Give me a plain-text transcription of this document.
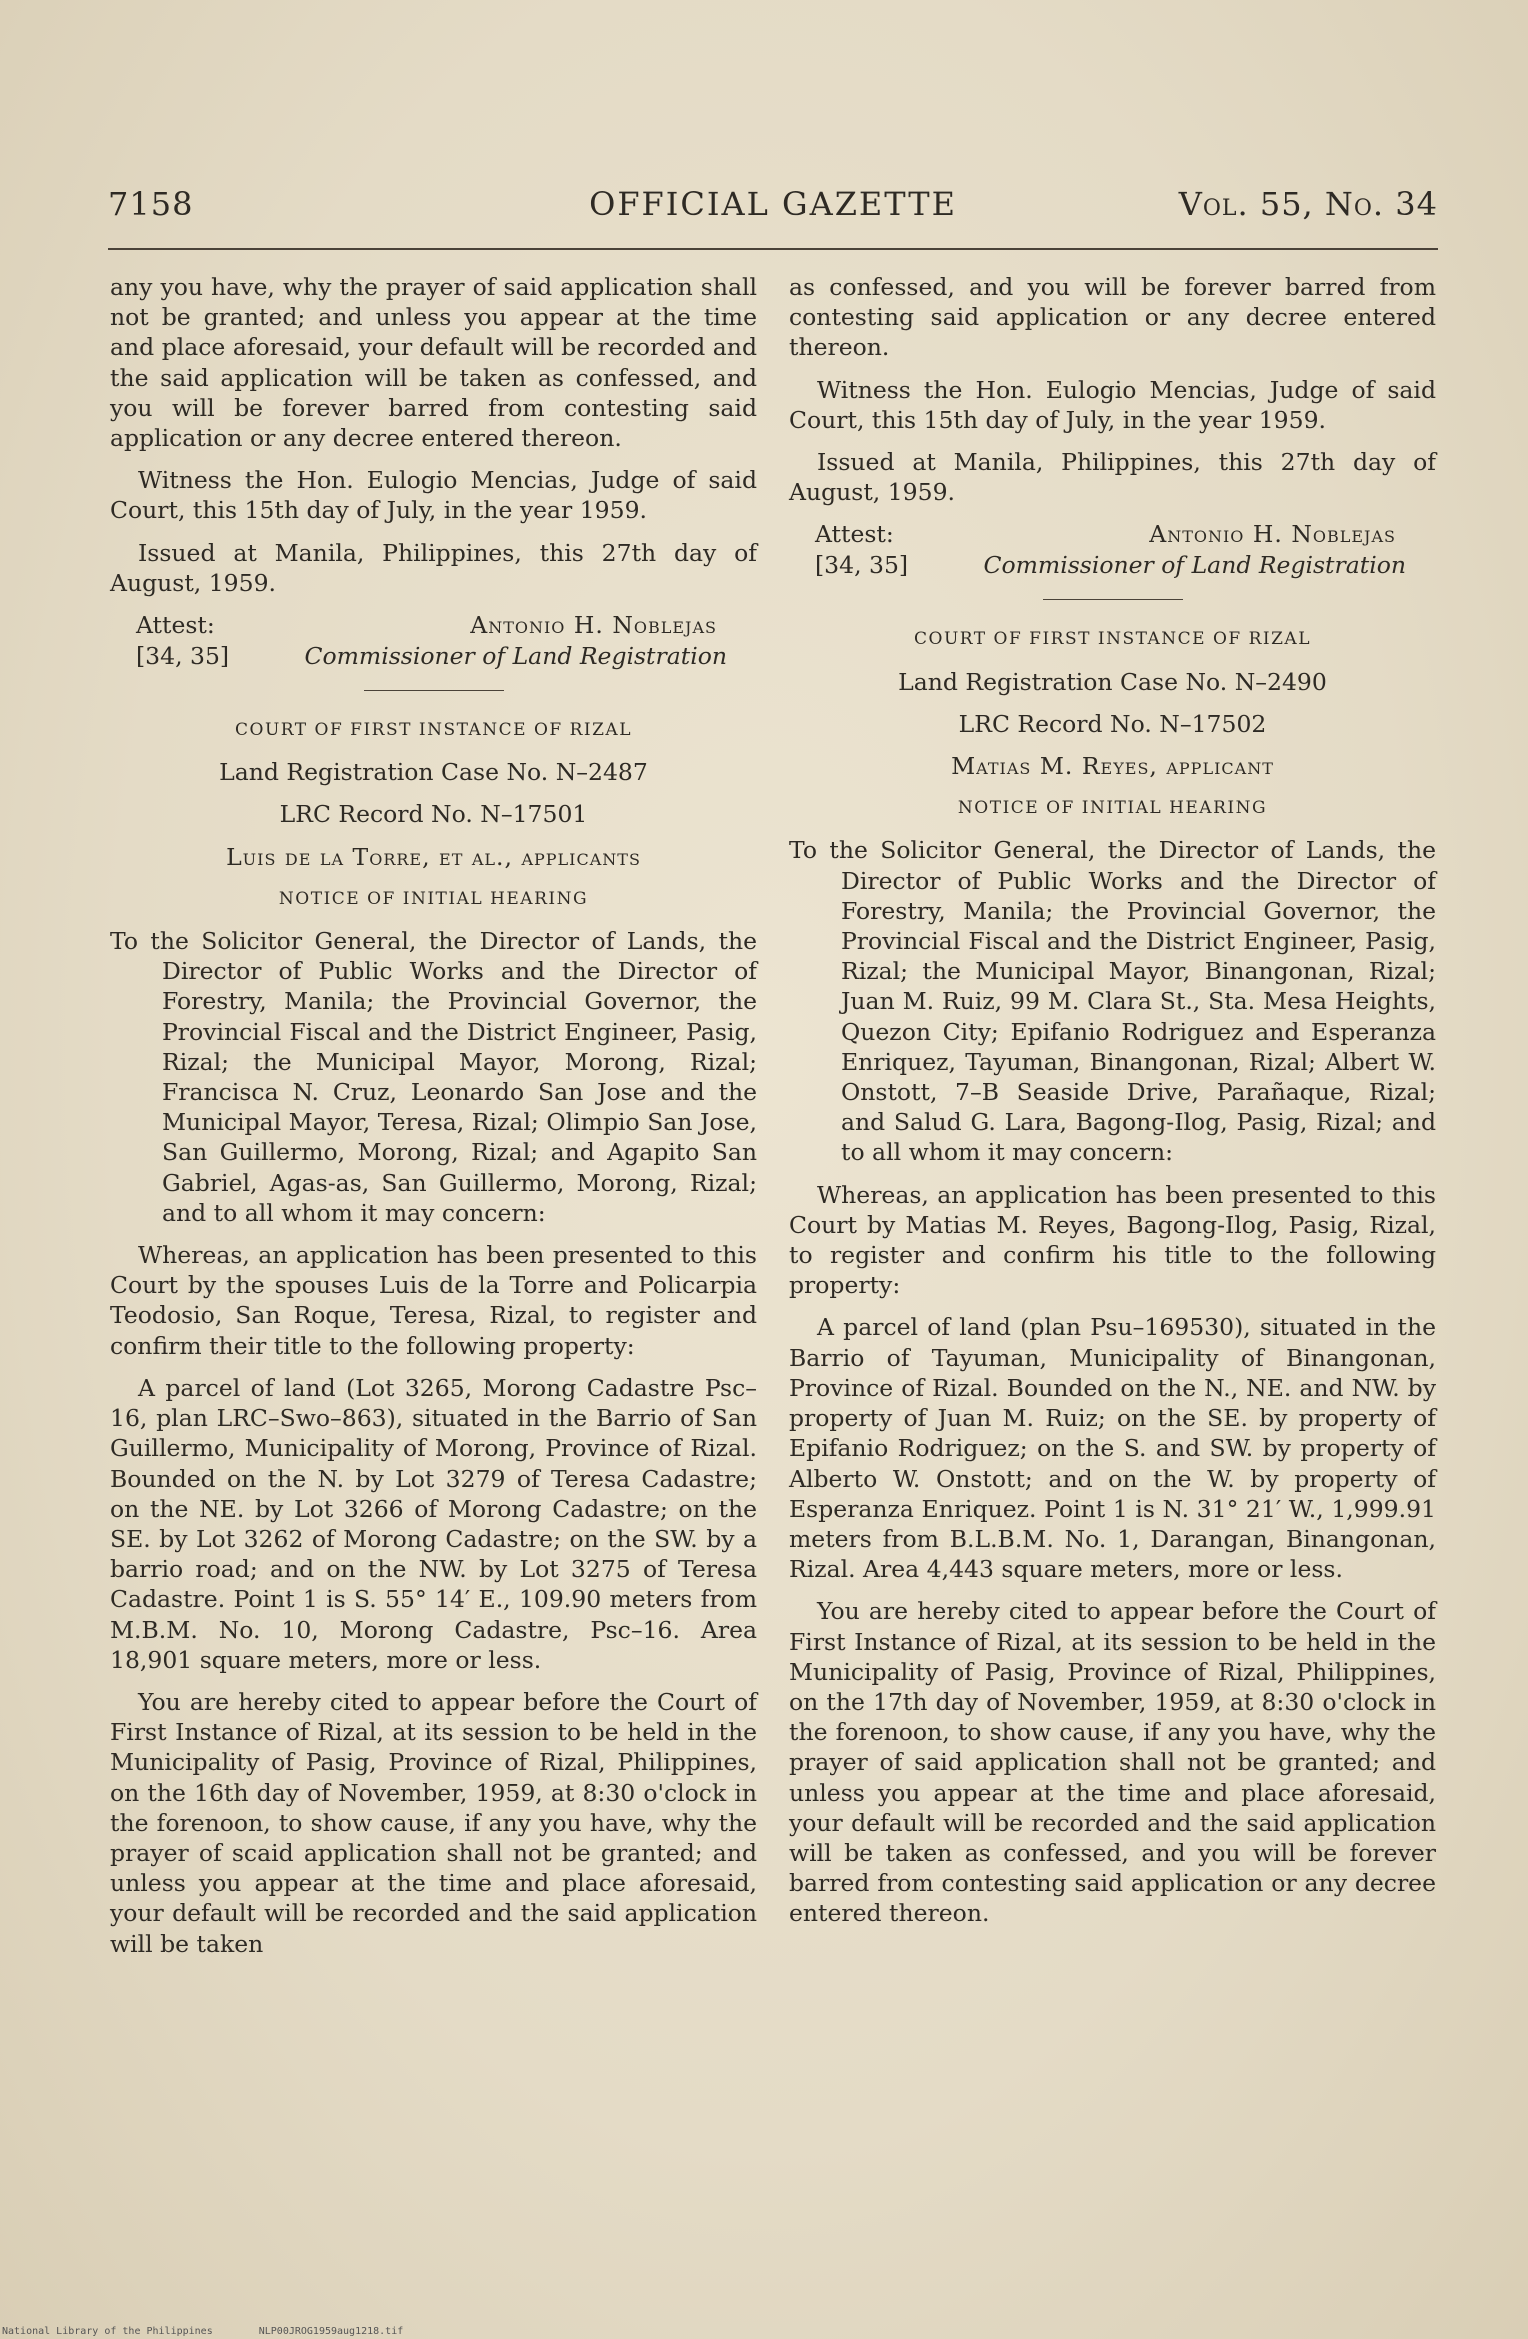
7158	OFFICIAL GAZETTE	Vol. 55, No. 34

any you have, why the prayer of said application shall not be granted; and unless you appear at the time and place aforesaid, your default will be recorded and the said application will be taken as confessed, and you will be forever barred from contesting said application or any decree entered thereon.

Witness the Hon. Eulogio Mencias, Judge of said Court, this 15th day of July, in the year 1959.

Issued at Manila, Philippines, this 27th day of August, 1959.

Attest:
[34, 35]
Antonio H. Noblejas
Commissioner of Land Registration

COURT OF FIRST INSTANCE OF RIZAL

Land Registration Case No. N–2487

LRC Record No. N–17501

Luis de la Torre, et al., applicants

NOTICE OF INITIAL HEARING

To the Solicitor General, the Director of Lands, the Director of Public Works and the Director of Forestry, Manila; the Provincial Governor, the Provincial Fiscal and the District Engineer, Pasig, Rizal; the Municipal Mayor, Morong, Rizal; Francisca N. Cruz, Leonardo San Jose and the Municipal Mayor, Teresa, Rizal; Olimpio San Jose, San Guillermo, Morong, Rizal; and Agapito San Gabriel, Agas-as, San Guillermo, Morong, Rizal; and to all whom it may concern:

Whereas, an application has been presented to this Court by the spouses Luis de la Torre and Policarpia Teodosio, San Roque, Teresa, Rizal, to register and confirm their title to the following property:

A parcel of land (Lot 3265, Morong Cadastre Psc–16, plan LRC–Swo–863), situated in the Barrio of San Guillermo, Municipality of Morong, Province of Rizal. Bounded on the N. by Lot 3279 of Teresa Cadastre; on the NE. by Lot 3266 of Morong Cadastre; on the SE. by Lot 3262 of Morong Cadastre; on the SW. by a barrio road; and on the NW. by Lot 3275 of Teresa Cadastre. Point 1 is S. 55° 14′ E., 109.90 meters from M.B.M. No. 10, Morong Cadastre, Psc–16. Area 18,901 square meters, more or less.

You are hereby cited to appear before the Court of First Instance of Rizal, at its session to be held in the Municipality of Pasig, Province of Rizal, Philippines, on the 16th day of November, 1959, at 8:30 o'clock in the forenoon, to show cause, if any you have, why the prayer of scaid application shall not be granted; and unless you appear at the time and place aforesaid, your default will be recorded and the said application will be taken

as confessed, and you will be forever barred from contesting said application or any decree entered thereon.

Witness the Hon. Eulogio Mencias, Judge of said Court, this 15th day of July, in the year 1959.

Issued at Manila, Philippines, this 27th day of August, 1959.

Attest:
[34, 35]
Antonio H. Noblejas
Commissioner of Land Registration

COURT OF FIRST INSTANCE OF RIZAL

Land Registration Case No. N–2490

LRC Record No. N–17502

Matias M. Reyes, applicant

NOTICE OF INITIAL HEARING

To the Solicitor General, the Director of Lands, the Director of Public Works and the Director of Forestry, Manila; the Provincial Governor, the Provincial Fiscal and the District Engineer, Pasig, Rizal; the Municipal Mayor, Binangonan, Rizal; Juan M. Ruiz, 99 M. Clara St., Sta. Mesa Heights, Quezon City; Epifanio Rodriguez and Esperanza Enriquez, Tayuman, Binangonan, Rizal; Albert W. Onstott, 7–B Seaside Drive, Parañaque, Rizal; and Salud G. Lara, Bagong-Ilog, Pasig, Rizal; and to all whom it may concern:

Whereas, an application has been presented to this Court by Matias M. Reyes, Bagong-Ilog, Pasig, Rizal, to register and confirm his title to the following property:

A parcel of land (plan Psu–169530), situated in the Barrio of Tayuman, Municipality of Binangonan, Province of Rizal. Bounded on the N., NE. and NW. by property of Juan M. Ruiz; on the SE. by property of Epifanio Rodriguez; on the S. and SW. by property of Alberto W. Onstott; and on the W. by property of Esperanza Enriquez. Point 1 is N. 31° 21′ W., 1,999.91 meters from B.L.B.M. No. 1, Darangan, Binangonan, Rizal. Area 4,443 square meters, more or less.

You are hereby cited to appear before the Court of First Instance of Rizal, at its session to be held in the Municipality of Pasig, Province of Rizal, Philippines, on the 17th day of November, 1959, at 8:30 o'clock in the forenoon, to show cause, if any you have, why the prayer of said application shall not be granted; and unless you appear at the time and place aforesaid, your default will be recorded and the said application will be taken as confessed, and you will be forever barred from contesting said application or any decree entered thereon.

National Library of the Philippines	NLP00JROG1959aug1218.tif
